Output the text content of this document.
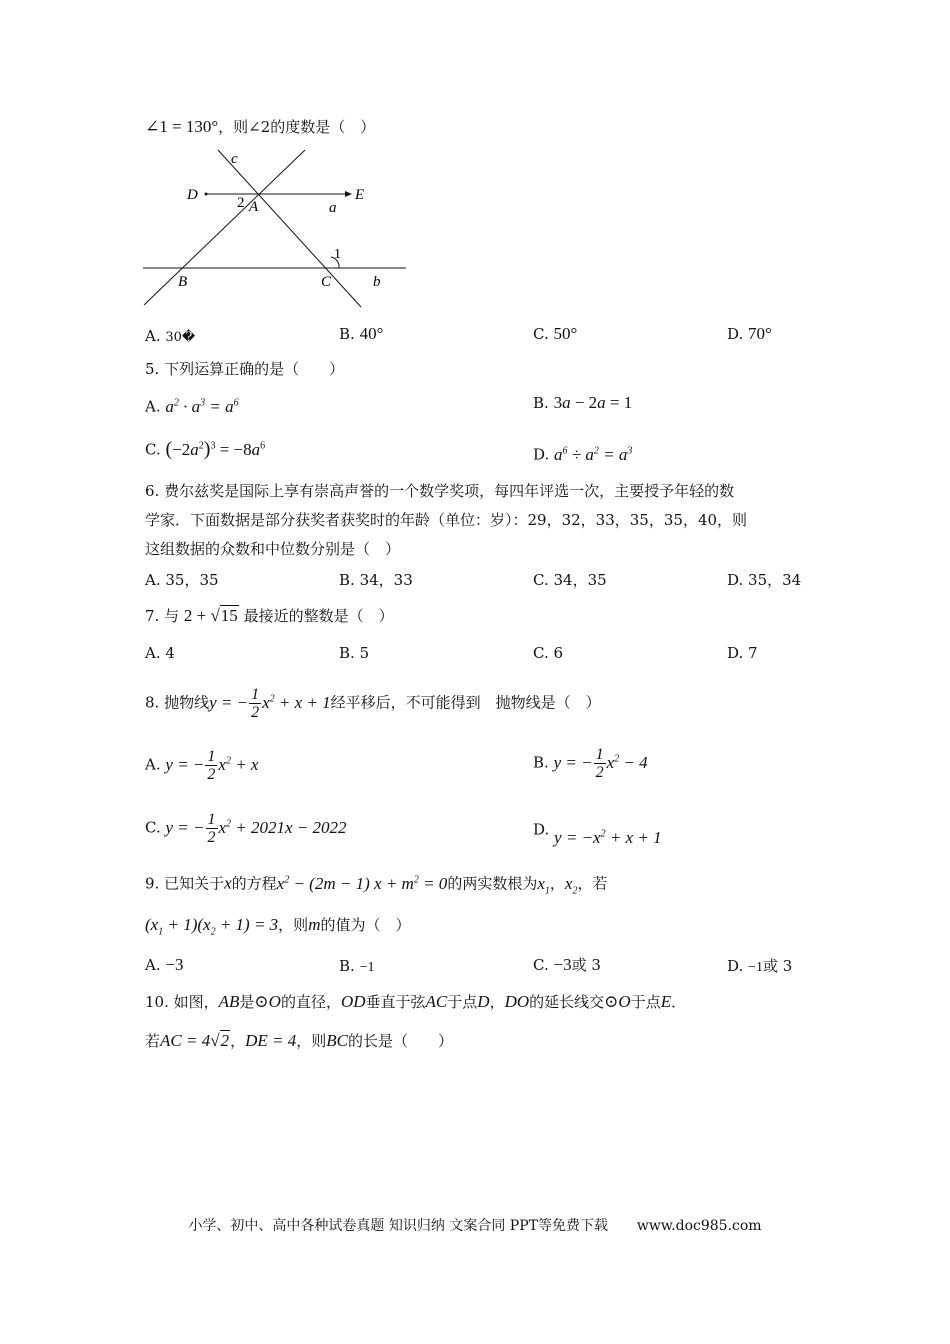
∠1 = 130°，则∠2的度数是（　）
c
D	E
2 A	a
1
B	C	b
A. 30�	B. 40°	C. 50°	D. 70°
5. 下列运算正确的是（　　）
A. $a^2 \cdot a^3 = a^6$	B. 3a − 2a = 1
C. $(-2a^2)^3 = -8a^6$
D. $a^6 \div a^2 = a^3$
6. 费尔兹奖是国际上享有崇高声誉的一个数学奖项，每四年评选一次，主要授予年轻的数
学家．下面数据是部分获奖者获奖时的年龄（单位：岁）：29，32，33，35，35，40，则
这组数据的众数和中位数分别是（　）
A. 35，35	B. 34，33	C. 34，35	D. 35，34
7. 与 2 + √15 最接近的整数是（　）
A. 4	B. 5	C. 6	D. 7
8. 抛物线y = − $\frac{1}{2} x^2 + x + 1$经平移后，不可能得到　抛物线是（　）
A. y = − $\frac{1}{2} x^2 + x$	B. y = − $\frac{1}{2} x^2 - 4$
C. y = − $\frac{1}{2} x^2 + 2021x - 2022$	D. $y = -x^2 + x + 1$
9. 已知关于x的方程$x^2 - (2m - 1) x + m^2 = 0$的两实数根为$x_1$，$x_2$，若
$(x_1 + 1)(x_2 + 1) = 3$，则m的值为（　）
A. −3	B. −1	C. −3或 3	D. −1或 3
10. 如图，AB是⊙O的直径，OD垂直于弦AC于点D，DO的延长线交⊙O于点E．
若AC = 4√2，DE = 4，则BC的长是（　　）
小学、初中、高中各种试卷真题 知识归纳 文案合同 PPT等免费下载 www.doc985.com
